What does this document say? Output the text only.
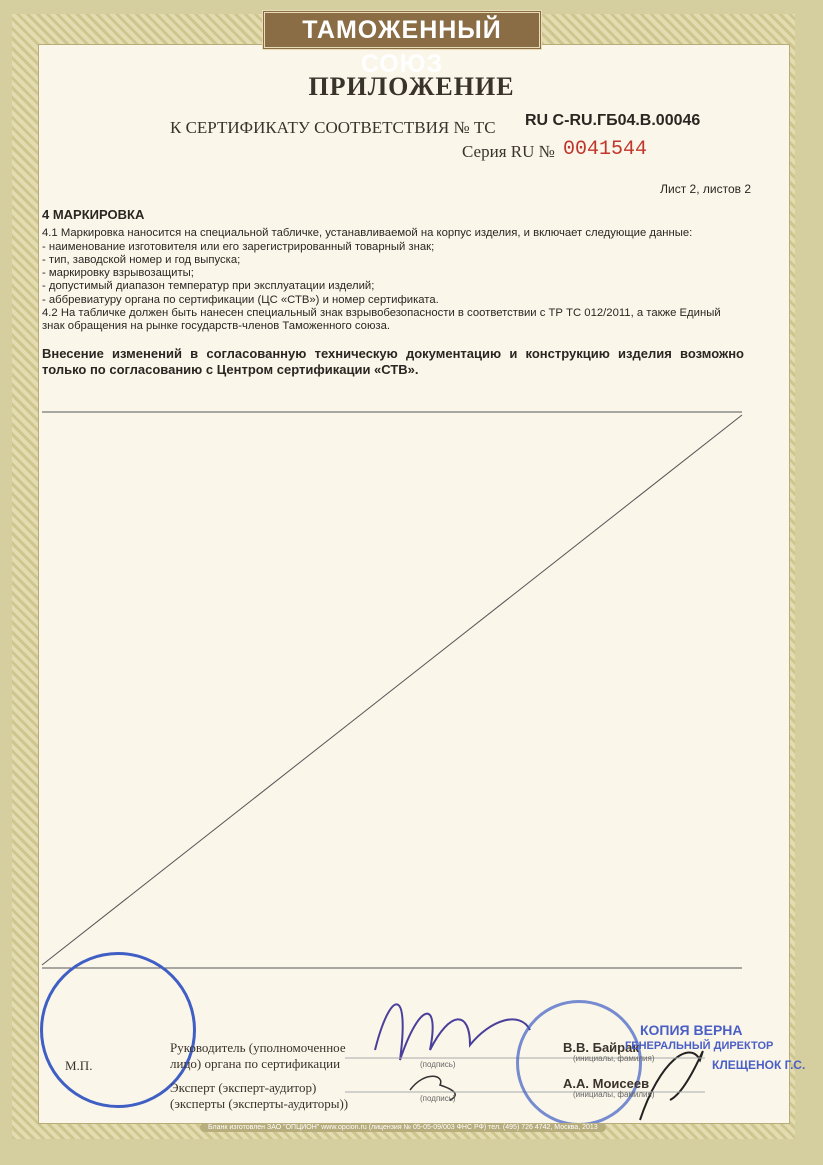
ТАМОЖЕННЫЙ СОЮЗ
ПРИЛОЖЕНИЕ
К СЕРТИФИКАТУ СООТВЕТСТВИЯ № ТС RU C-RU.ГБ04.В.00046
Серия RU № 0041544
Лист 2, листов 2
4 МАРКИРОВКА

4.1 Маркировка наносится на специальной табличке, устанавливаемой на корпус изделия, и включает следующие данные:

- наименование изготовителя или его зарегистрированный товарный знак;

- тип, заводской номер и год выпуска;

- маркировку взрывозащиты;

- допустимый диапазон температур при эксплуатации изделий;

- аббревиатуру органа по сертификации (ЦС «СТВ») и номер сертификата.

4.2 На табличке должен быть нанесен специальный знак взрывобезопасности в соответствии с ТР ТС 012/2011, а также Единый знак обращения на рынке государств-членов Таможенного союза.

Внесение изменений в согласованную техническую документацию и конструкцию изделия возможно только по согласованию с Центром сертификации «СТВ».

М.П.
Руководитель (уполномоченное
лицо) органа по сертификации
Эксперт (эксперт-аудитор)
(эксперты (эксперты-аудиторы))
(подпись)
(подпись)
В.В. Байрак
(инициалы, фамилия)
А.А. Моисеев
(инициалы, фамилия)
КОПИЯ ВЕРНА
ГЕНЕРАЛЬНЫЙ ДИРЕКТОР
КЛЕЩЕНОК Г.С.
Бланк изготовлен ЗАО "ОПЦИОН" www.opcion.ru (лицензия № 05-05-09/003 ФНС РФ) тел. (495) 726 4742, Москва, 2013
